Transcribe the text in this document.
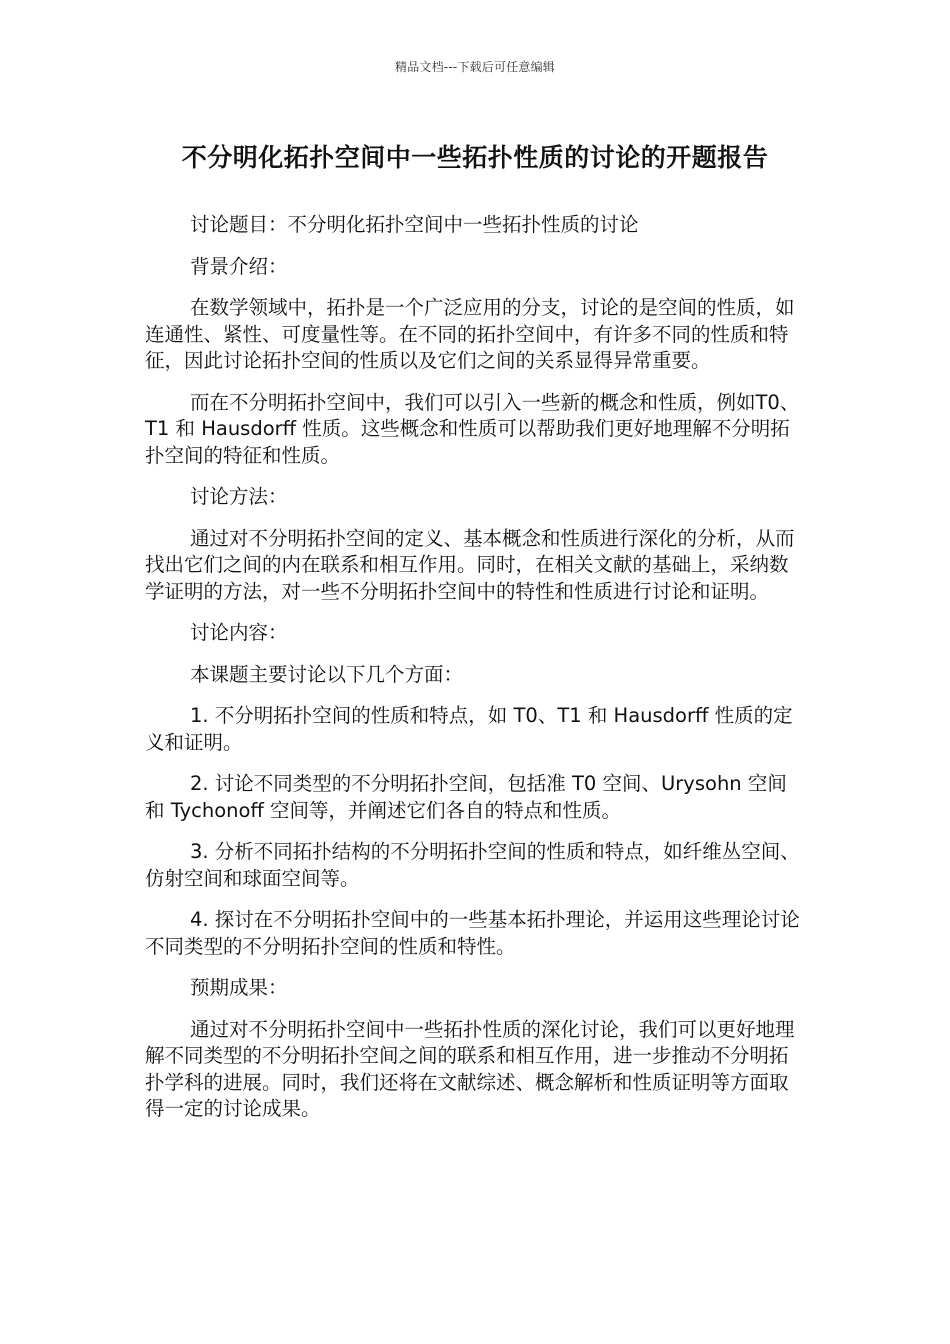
精品文档---下载后可任意编辑
不分明化拓扑空间中一些拓扑性质的讨论的开题报告

讨论题目：不分明化拓扑空间中一些拓扑性质的讨论

背景介绍：

在数学领域中，拓扑是一个广泛应用的分支，讨论的是空间的性质，如连通性、紧性、可度量性等。在不同的拓扑空间中，有许多不同的性质和特征，因此讨论拓扑空间的性质以及它们之间的关系显得异常重要。

而在不分明拓扑空间中，我们可以引入一些新的概念和性质，例如T0、T1 和 Hausdorff 性质。这些概念和性质可以帮助我们更好地理解不分明拓扑空间的特征和性质。

讨论方法：

通过对不分明拓扑空间的定义、基本概念和性质进行深化的分析，从而找出它们之间的内在联系和相互作用。同时，在相关文献的基础上，采纳数学证明的方法，对一些不分明拓扑空间中的特性和性质进行讨论和证明。

讨论内容：

本课题主要讨论以下几个方面：

1. 不分明拓扑空间的性质和特点，如 T0、T1 和 Hausdorff 性质的定义和证明。

2. 讨论不同类型的不分明拓扑空间，包括准 T0 空间、Urysohn 空间和 Tychonoff 空间等，并阐述它们各自的特点和性质。

3. 分析不同拓扑结构的不分明拓扑空间的性质和特点，如纤维丛空间、仿射空间和球面空间等。

4. 探讨在不分明拓扑空间中的一些基本拓扑理论，并运用这些理论讨论不同类型的不分明拓扑空间的性质和特性。

预期成果：

通过对不分明拓扑空间中一些拓扑性质的深化讨论，我们可以更好地理解不同类型的不分明拓扑空间之间的联系和相互作用，进一步推动不分明拓扑学科的进展。同时，我们还将在文献综述、概念解析和性质证明等方面取得一定的讨论成果。
